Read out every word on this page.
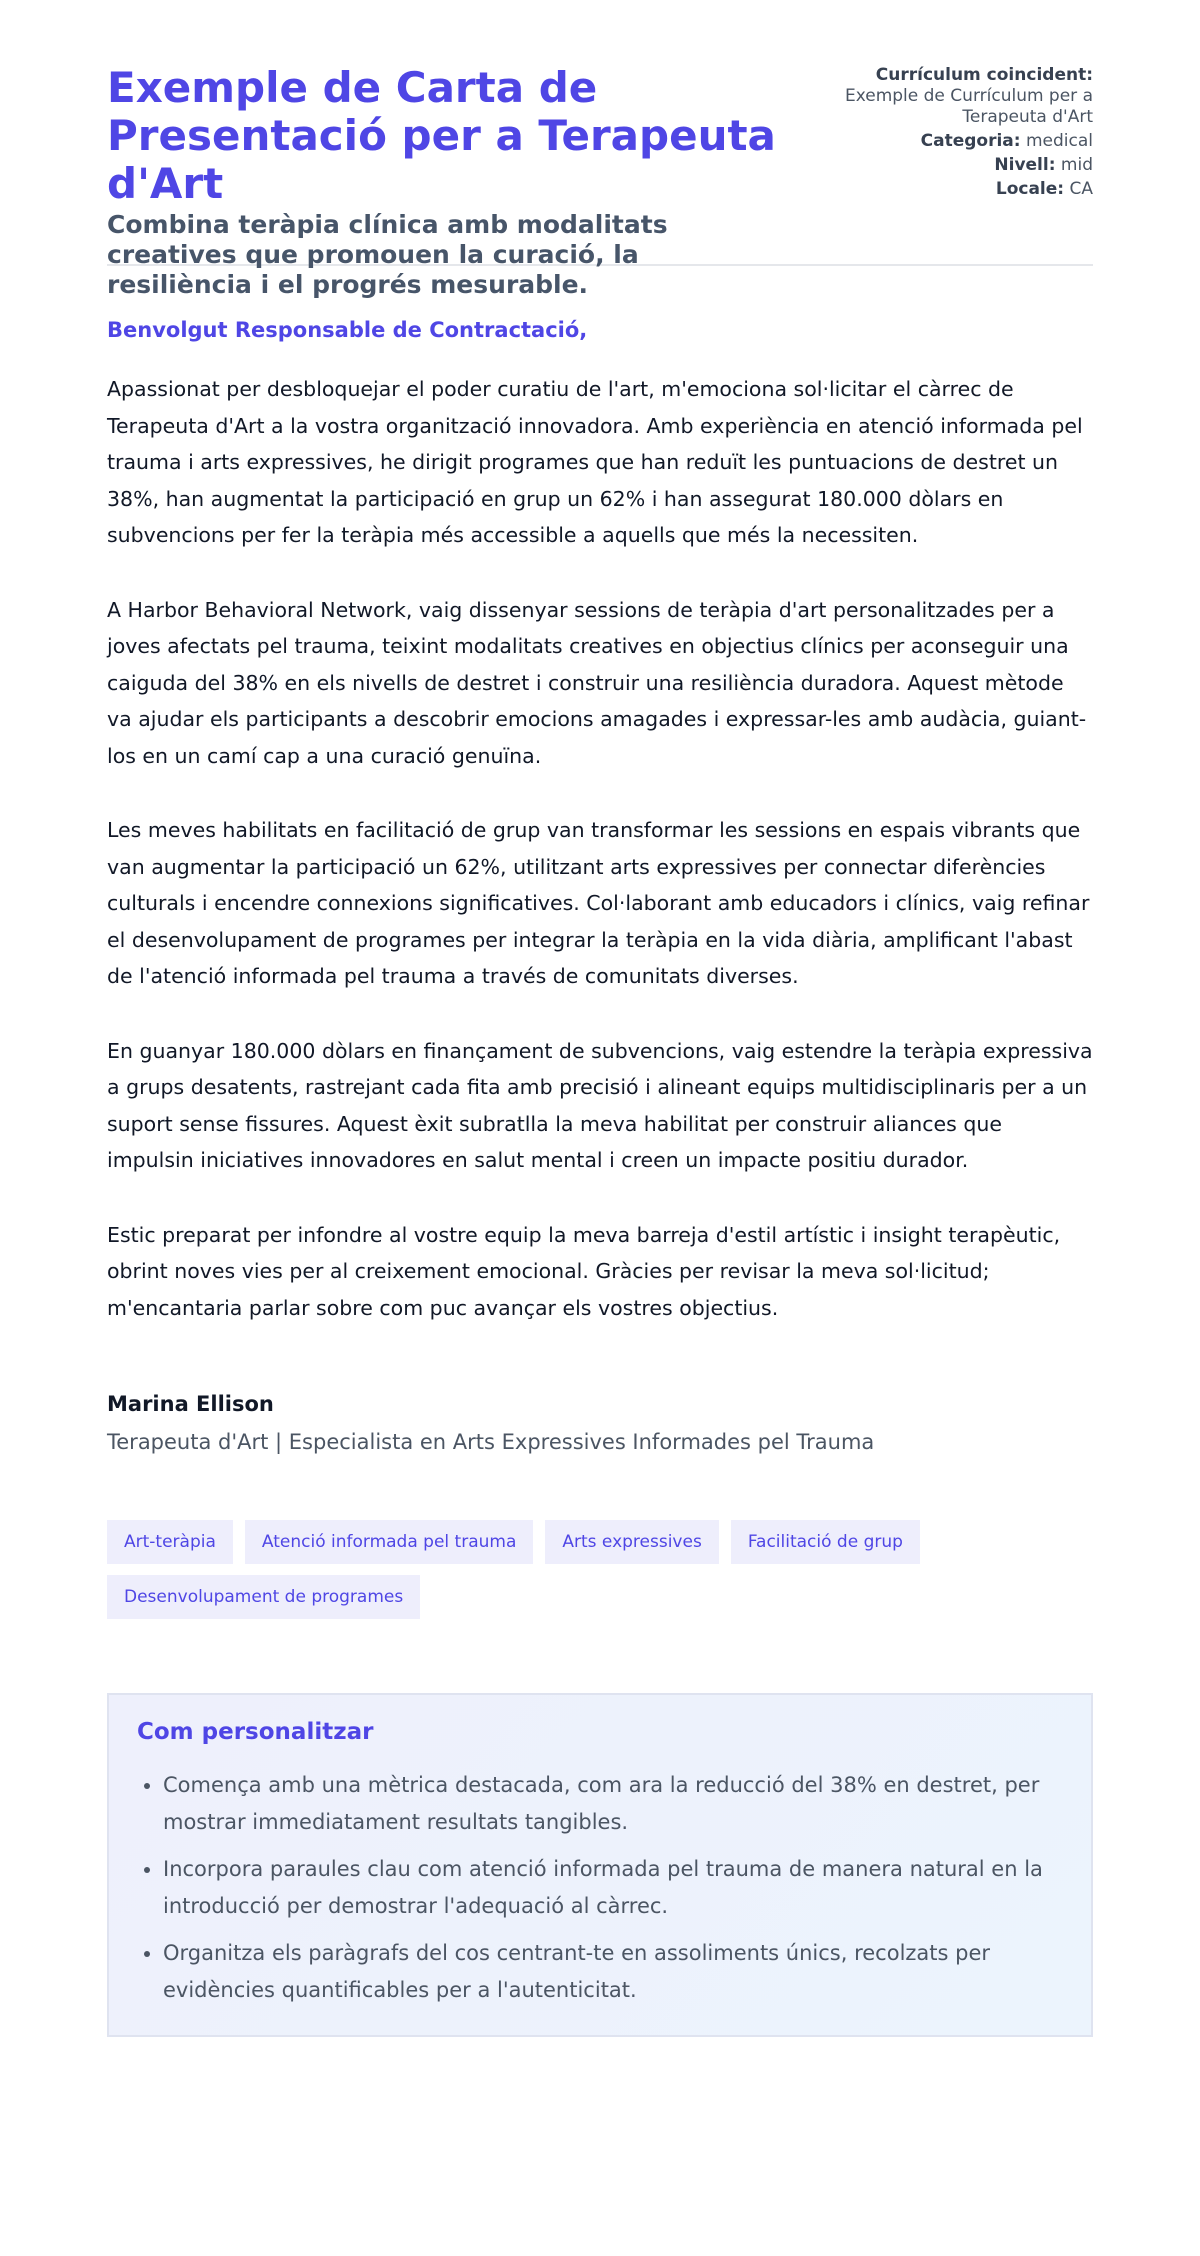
Exemple de Carta de Presentació per a Terapeuta d'Art
Combina teràpia clínica amb modalitats creatives que promouen la curació, la resiliència i el progrés mesurable.
Currículum coincident: Exemple de Currículum per a Terapeuta d'Art
Categoria: medical
Nivell: mid
Locale: CA
Benvolgut Responsable de Contractació,

Apassionat per desbloquejar el poder curatiu de l'art, m'emociona sol·licitar el càrrec de Terapeuta d'Art a la vostra organització innovadora. Amb experiència en atenció informada pel trauma i arts expressives, he dirigit programes que han reduït les puntuacions de destret un 38%, han augmentat la participació en grup un 62% i han assegurat 180.000 dòlars en subvencions per fer la teràpia més accessible a aquells que més la necessiten.

A Harbor Behavioral Network, vaig dissenyar sessions de teràpia d'art personalitzades per a joves afectats pel trauma, teixint modalitats creatives en objectius clínics per aconseguir una caiguda del 38% en els nivells de destret i construir una resiliència duradora. Aquest mètode va ajudar els participants a descobrir emocions amagades i expressar-les amb audàcia, guiant-los en un camí cap a una curació genuïna.

Les meves habilitats en facilitació de grup van transformar les sessions en espais vibrants que van augmentar la participació un 62%, utilitzant arts expressives per connectar diferències culturals i encendre connexions significatives. Col·laborant amb educadors i clínics, vaig refinar el desenvolupament de programes per integrar la teràpia en la vida diària, amplificant l'abast de l'atenció informada pel trauma a través de comunitats diverses.

En guanyar 180.000 dòlars en finançament de subvencions, vaig estendre la teràpia expressiva a grups desatents, rastrejant cada fita amb precisió i alineant equips multidisciplinaris per a un suport sense fissures. Aquest èxit subratlla la meva habilitat per construir aliances que impulsin iniciatives innovadores en salut mental i creen un impacte positiu durador.

Estic preparat per infondre al vostre equip la meva barreja d'estil artístic i insight terapèutic, obrint noves vies per al creixement emocional. Gràcies per revisar la meva sol·licitud; m'encantaria parlar sobre com puc avançar els vostres objectius.

Marina Ellison
Terapeuta d'Art | Especialista en Arts Expressives Informades pel Trauma
Art-teràpia	Atenció informada pel trauma	Arts expressives	Facilitació de grup
Desenvolupament de programes
Com personalitzar
• Comença amb una mètrica destacada, com ara la reducció del 38% en destret, per mostrar immediatament resultats tangibles.
• Incorpora paraules clau com atenció informada pel trauma de manera natural en la introducció per demostrar l'adequació al càrrec.
• Organitza els paràgrafs del cos centrant-te en assoliments únics, recolzats per evidències quantificables per a l'autenticitat.
